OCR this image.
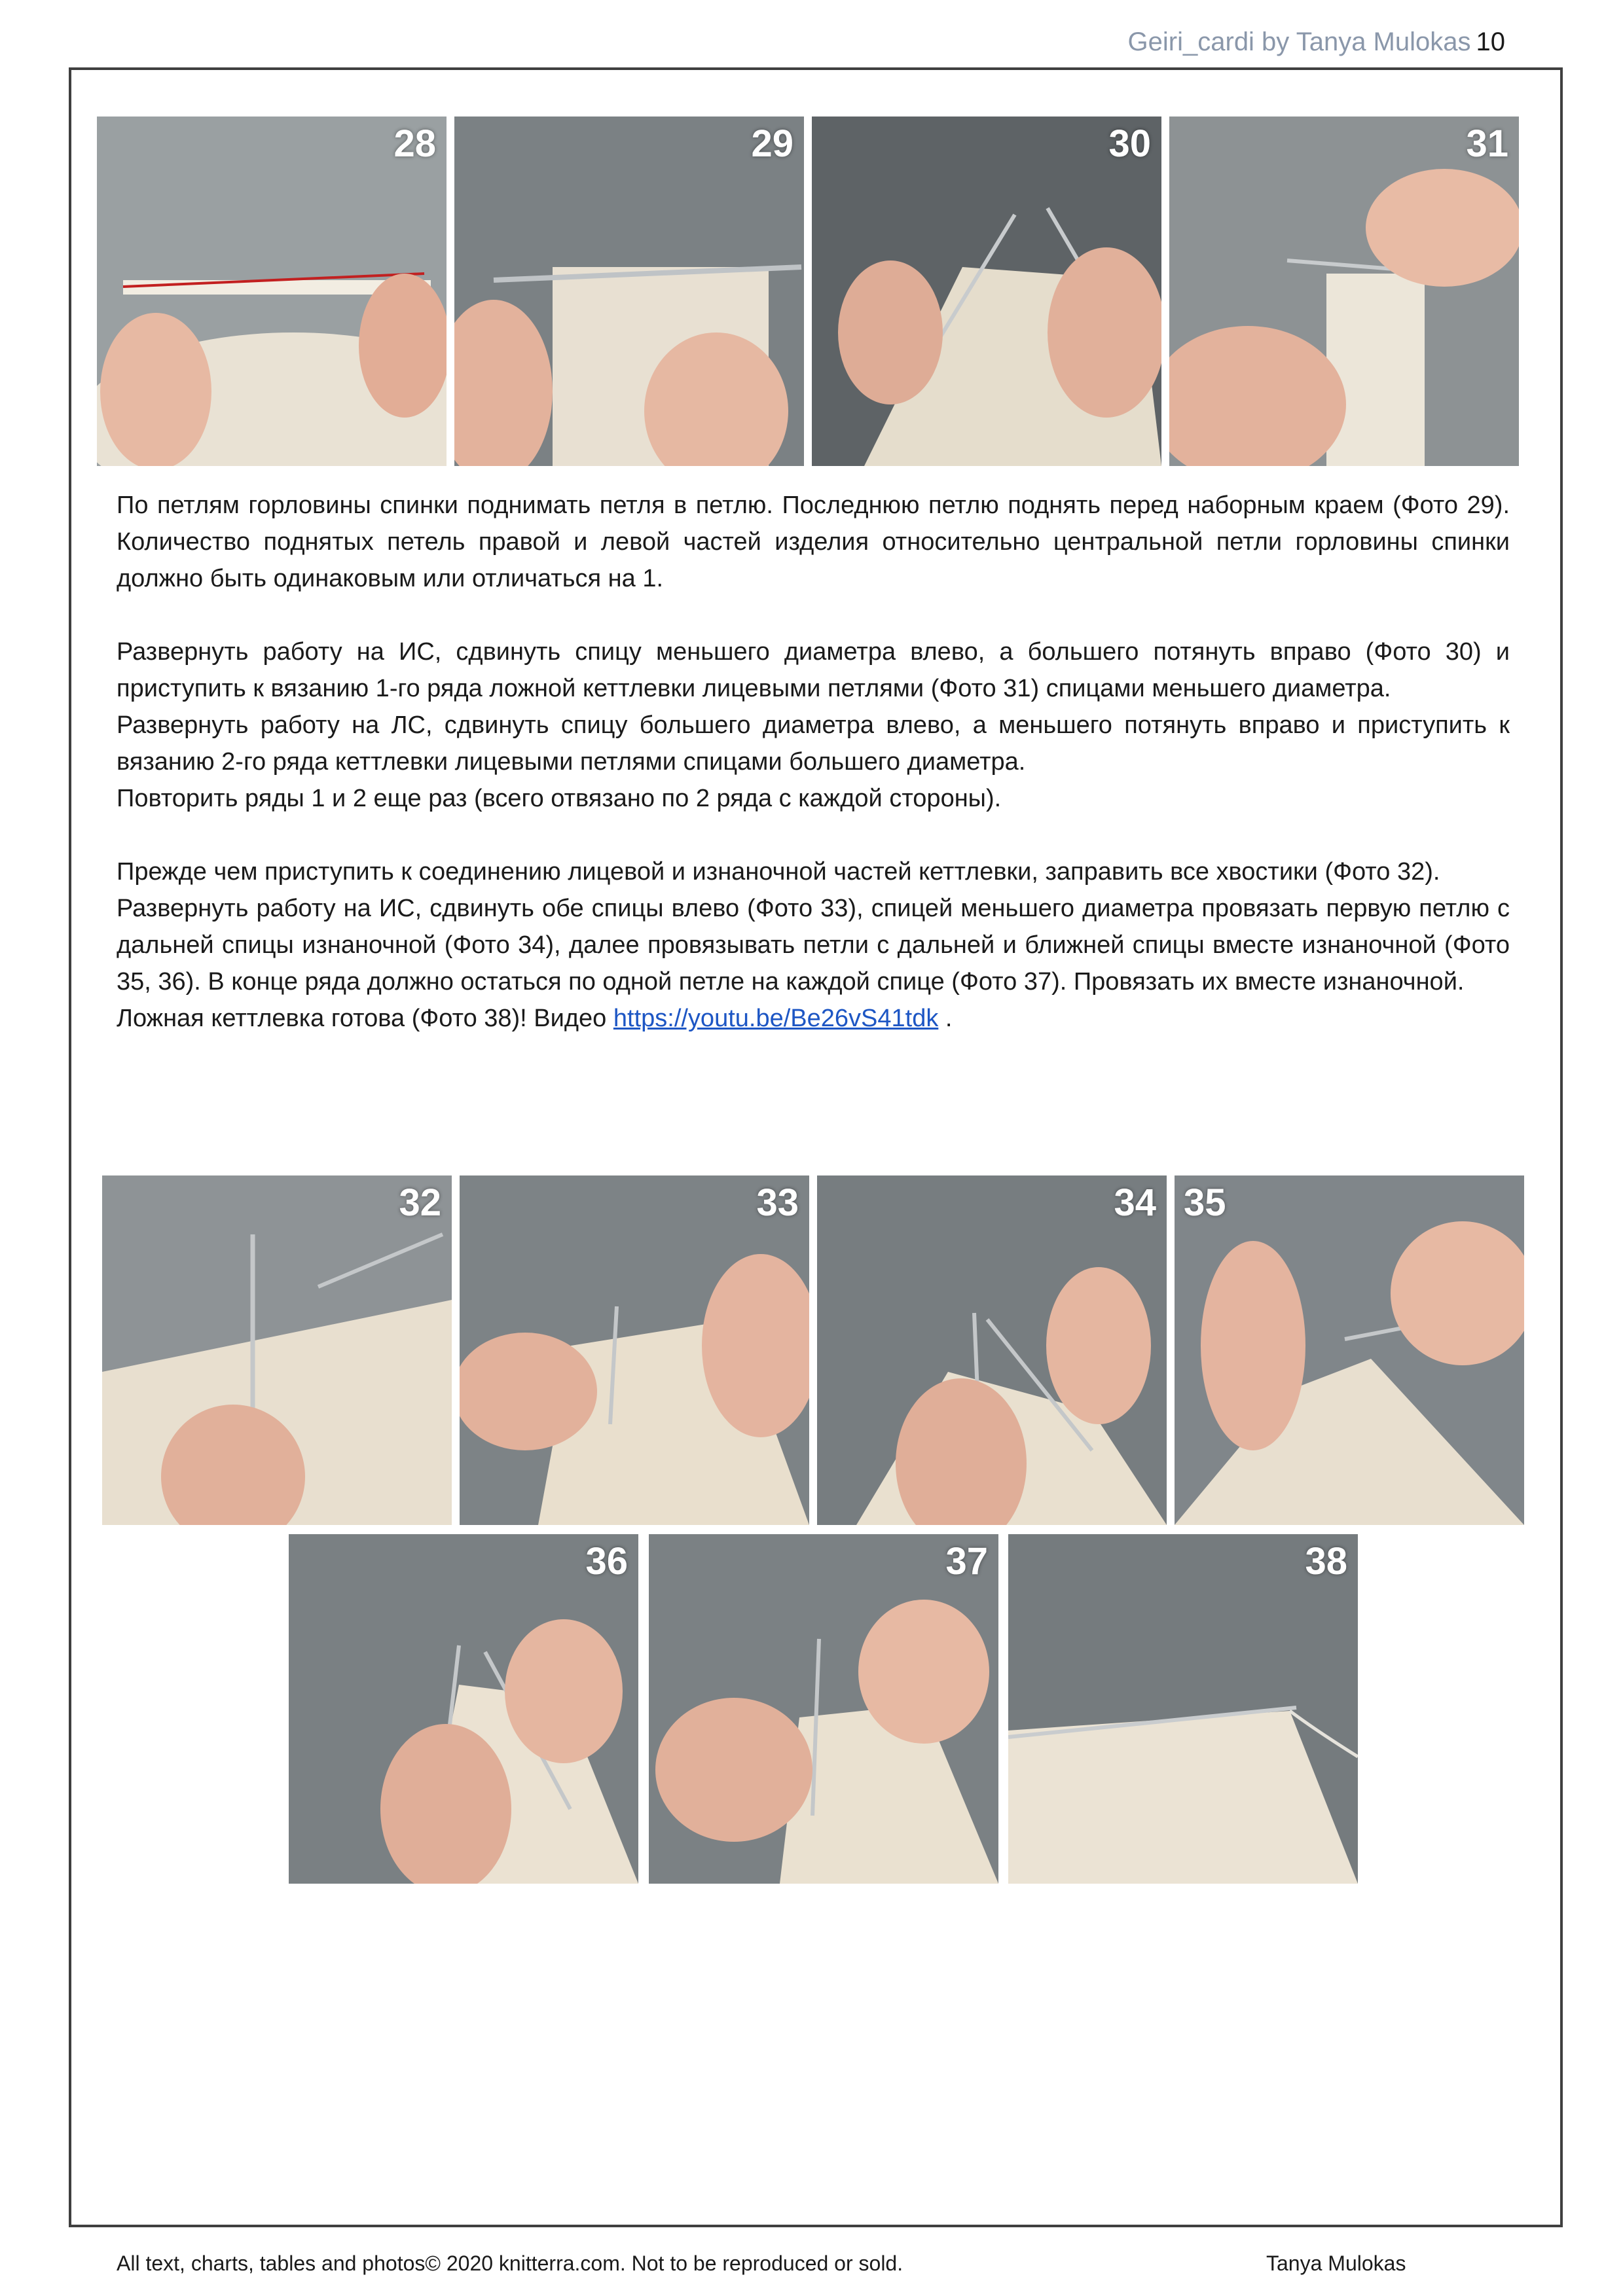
Geiri_cardi by Tanya Mulokas 10
28	29	30	31

По петлям горловины спинки поднимать петля в петлю. Последнюю петлю поднять перед наборным краем (Фото 29). Количество поднятых петель правой и левой частей изделия относительно центральной петли горловины спинки должно быть одинаковым или отличаться на 1.

Развернуть работу на ИС, сдвинуть спицу меньшего диаметра влево, а большего потянуть вправо (Фото 30) и приступить к вязанию 1-го ряда ложной кеттлевки лицевыми петлями (Фото 31) спицами меньшего диаметра.

Развернуть работу на ЛС, сдвинуть спицу большего диаметра влево, а меньшего потянуть вправо и приступить к вязанию 2-го ряда кеттлевки лицевыми петлями спицами большего диаметра.

Повторить ряды 1 и 2 еще раз (всего отвязано по 2 ряда с каждой стороны).

Прежде чем приступить к соединению лицевой и изнаночной частей кеттлевки, заправить все хвостики (Фото 32).

Развернуть работу на ИС, сдвинуть обе спицы влево (Фото 33), спицей меньшего диаметра провязать первую петлю с дальней спицы изнаночной (Фото 34), далее провязывать петли с дальней и ближней спицы вместе изнаночной (Фото 35, 36). В конце ряда должно остаться по одной петле на каждой спице (Фото 37). Провязать их вместе изнаночной.

Ложная кеттлевка готова (Фото 38)! Видео https://youtu.be/Be26vS41tdk .

32	33	34 35
36	37	38
All text, charts, tables and photos© 2020 knitterra.com. Not to be reproduced or sold.	Tanya Mulokas
